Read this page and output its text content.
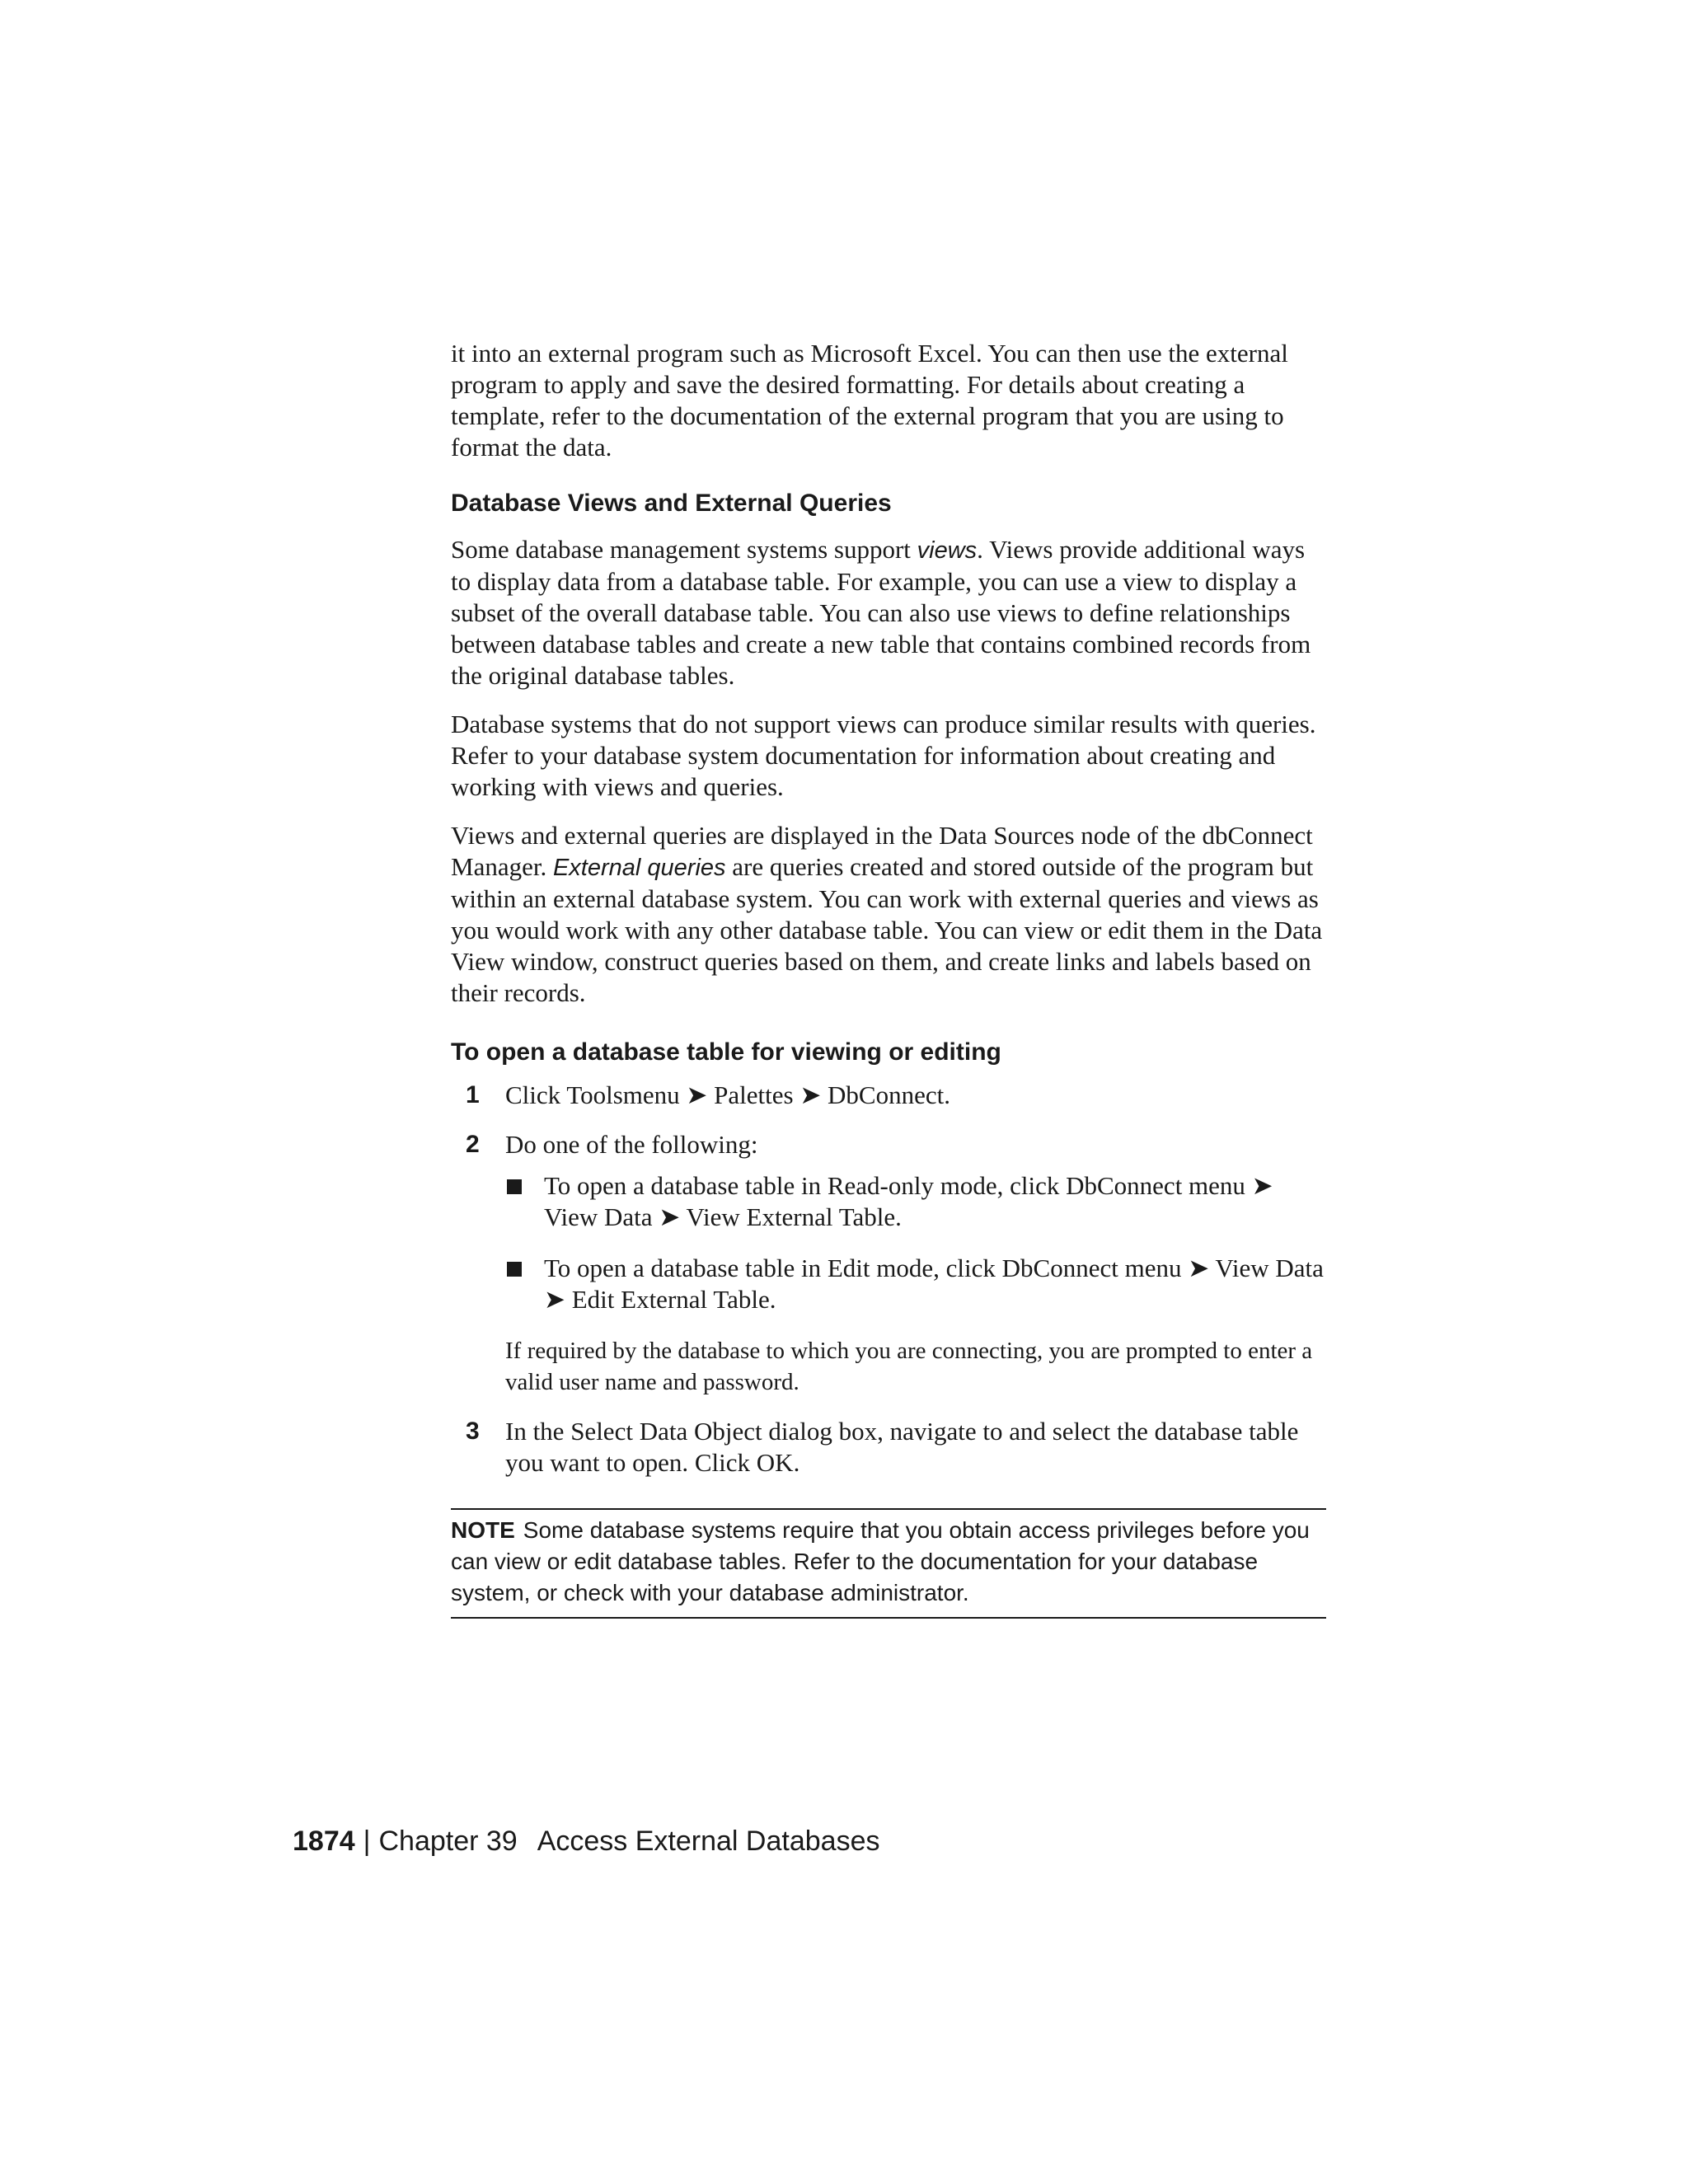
it into an external program such as Microsoft Excel. You can then use the external program to apply and save the desired formatting. For details about creating a template, refer to the documentation of the external program that you are using to format the data.

Database Views and External Queries

Some database management systems support views. Views provide additional ways to display data from a database table. For example, you can use a view to display a subset of the overall database table. You can also use views to define relationships between database tables and create a new table that contains combined records from the original database tables.

Database systems that do not support views can produce similar results with queries. Refer to your database system documentation for information about creating and working with views and queries.

Views and external queries are displayed in the Data Sources node of the dbConnect Manager. External queries are queries created and stored outside of the program but within an external database system. You can work with external queries and views as you would work with any other database table. You can view or edit them in the Data View window, construct queries based on them, and create links and labels based on their records.

To open a database table for viewing or editing
1 Click Toolsmenu ➤ Palettes ➤ DbConnect.

2 Do one of the following:

To open a database table in Read-only mode, click DbConnect menu ➤ View Data ➤ View External Table.

To open a database table in Edit mode, click DbConnect menu ➤ View Data ➤ Edit External Table.

If required by the database to which you are connecting, you are prompted to enter a valid user name and password.

3 In the Select Data Object dialog box, navigate to and select the database table you want to open. Click OK.

NOTE Some database systems require that you obtain access privileges before you can view or edit database tables. Refer to the documentation for your database system, or check with your database administrator.
1874 | Chapter 39 Access External Databases
